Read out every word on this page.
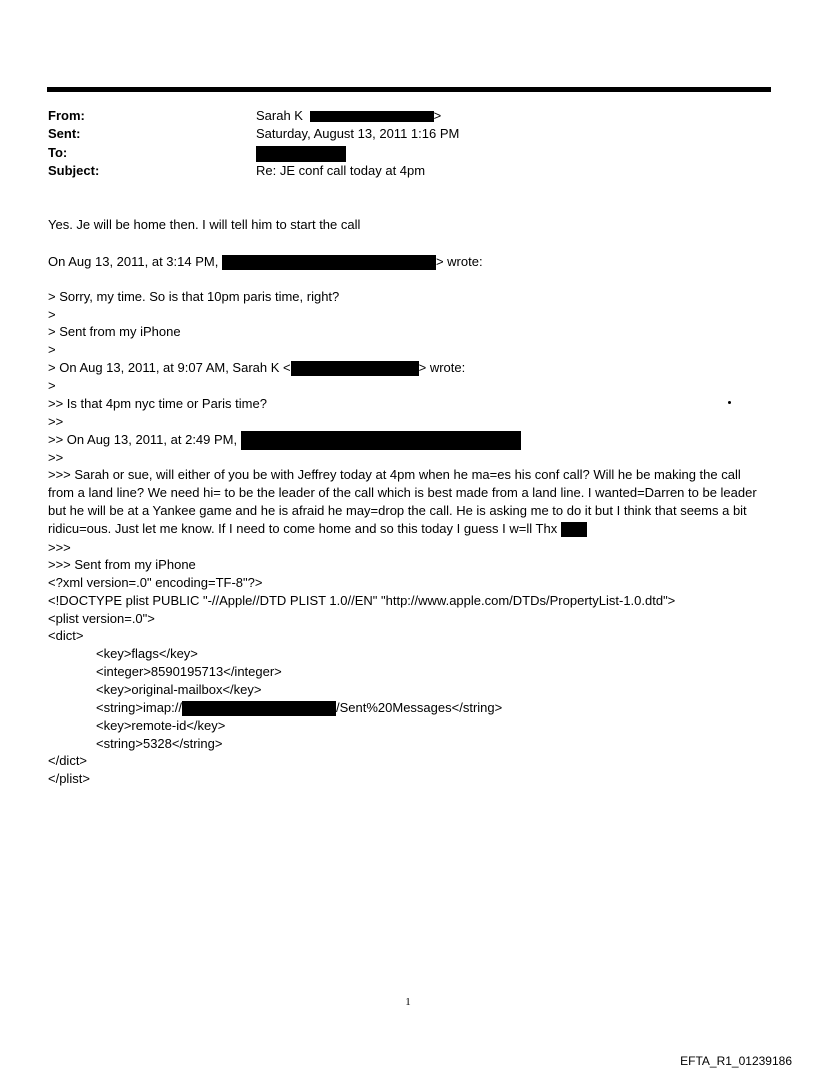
From:	Sarah K	>
Sent:	Saturday, August 13, 2011 1:16 PM
To:
Subject:	Re: JE conf call today at 4pm
Yes. Je will be home then. I will tell him to start the call
On Aug 13, 2011, at 3:14 PM,	> wrote:
> Sorry, my time. So is that 10pm paris time, right?
>
> Sent from my iPhone
>
> On Aug 13, 2011, at 9:07 AM, Sarah K <	> wrote:
>
>> Is that 4pm nyc time or Paris time?
>>
>> On Aug 13, 2011, at 2:49 PM,
>>
>>> Sarah or sue, will either of you be with Jeffrey today at 4pm when he ma=es his conf call? Will he be making the call from a land line? We need hi= to be the leader of the call which is best made from a land line. I wanted=Darren to be leader but he will be at a Yankee game and he is afraid he may=drop the call. He is asking me to do it but I think that seems a bit ridicu=ous. Just let me know. If I need to come home and so this today I guess I w=ll Thx
>>>
>>> Sent from my iPhone
<?xml version=.0" encoding=TF-8"?>
<!DOCTYPE plist PUBLIC "-//Apple//DTD PLIST 1.0//EN" "http://www.apple.com/DTDs/PropertyList-1.0.dtd">
<plist version=.0">
<dict>
<key>flags</key>
<integer>8590195713</integer>
<key>original-mailbox</key>
<string>imap://	/Sent%20Messages</string>
<key>remote-id</key>
<string>5328</string>
</dict>
</plist>
1
EFTA_R1_01239186
